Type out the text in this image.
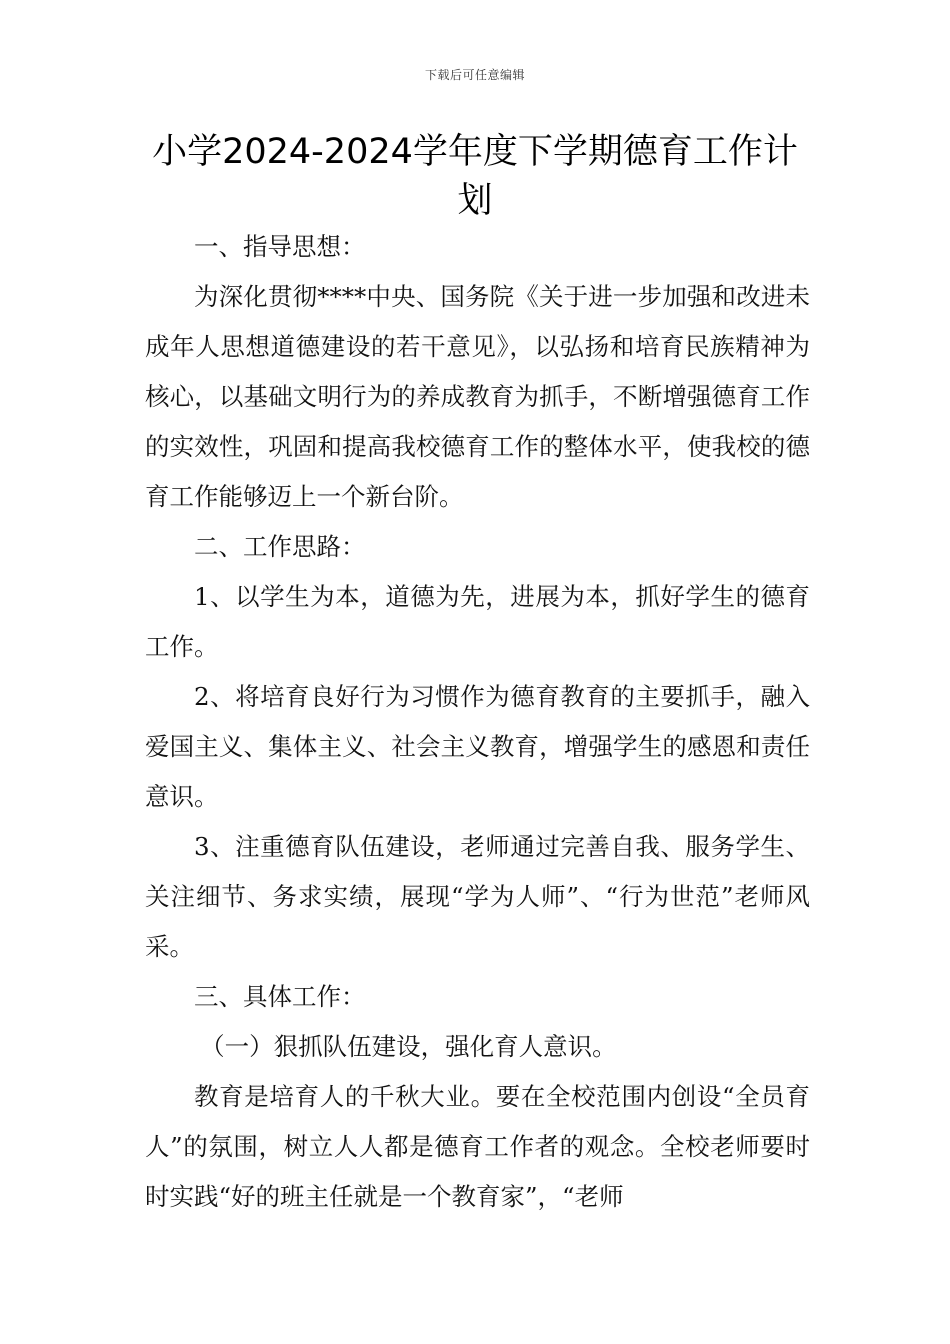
下载后可任意编辑
小学2024-2024学年度下学期德育工作计划

一、指导思想：

为深化贯彻****中央、国务院《关于进一步加强和改进未成年人思想道德建设的若干意见》，以弘扬和培育民族精神为核心，以基础文明行为的养成教育为抓手，不断增强德育工作的实效性，巩固和提高我校德育工作的整体水平，使我校的德育工作能够迈上一个新台阶。

二、工作思路：

1、以学生为本，道德为先，进展为本，抓好学生的德育工作。

2、将培育良好行为习惯作为德育教育的主要抓手，融入爱国主义、集体主义、社会主义教育，增强学生的感恩和责任意识。

3、注重德育队伍建设，老师通过完善自我、服务学生、关注细节、务求实绩，展现“学为人师”、“行为世范”老师风采。

三、具体工作：

（一）狠抓队伍建设，强化育人意识。

教育是培育人的千秋大业。要在全校范围内创设“全员育人”的氛围，树立人人都是德育工作者的观念。全校老师要时时实践“好的班主任就是一个教育家”，“老师
